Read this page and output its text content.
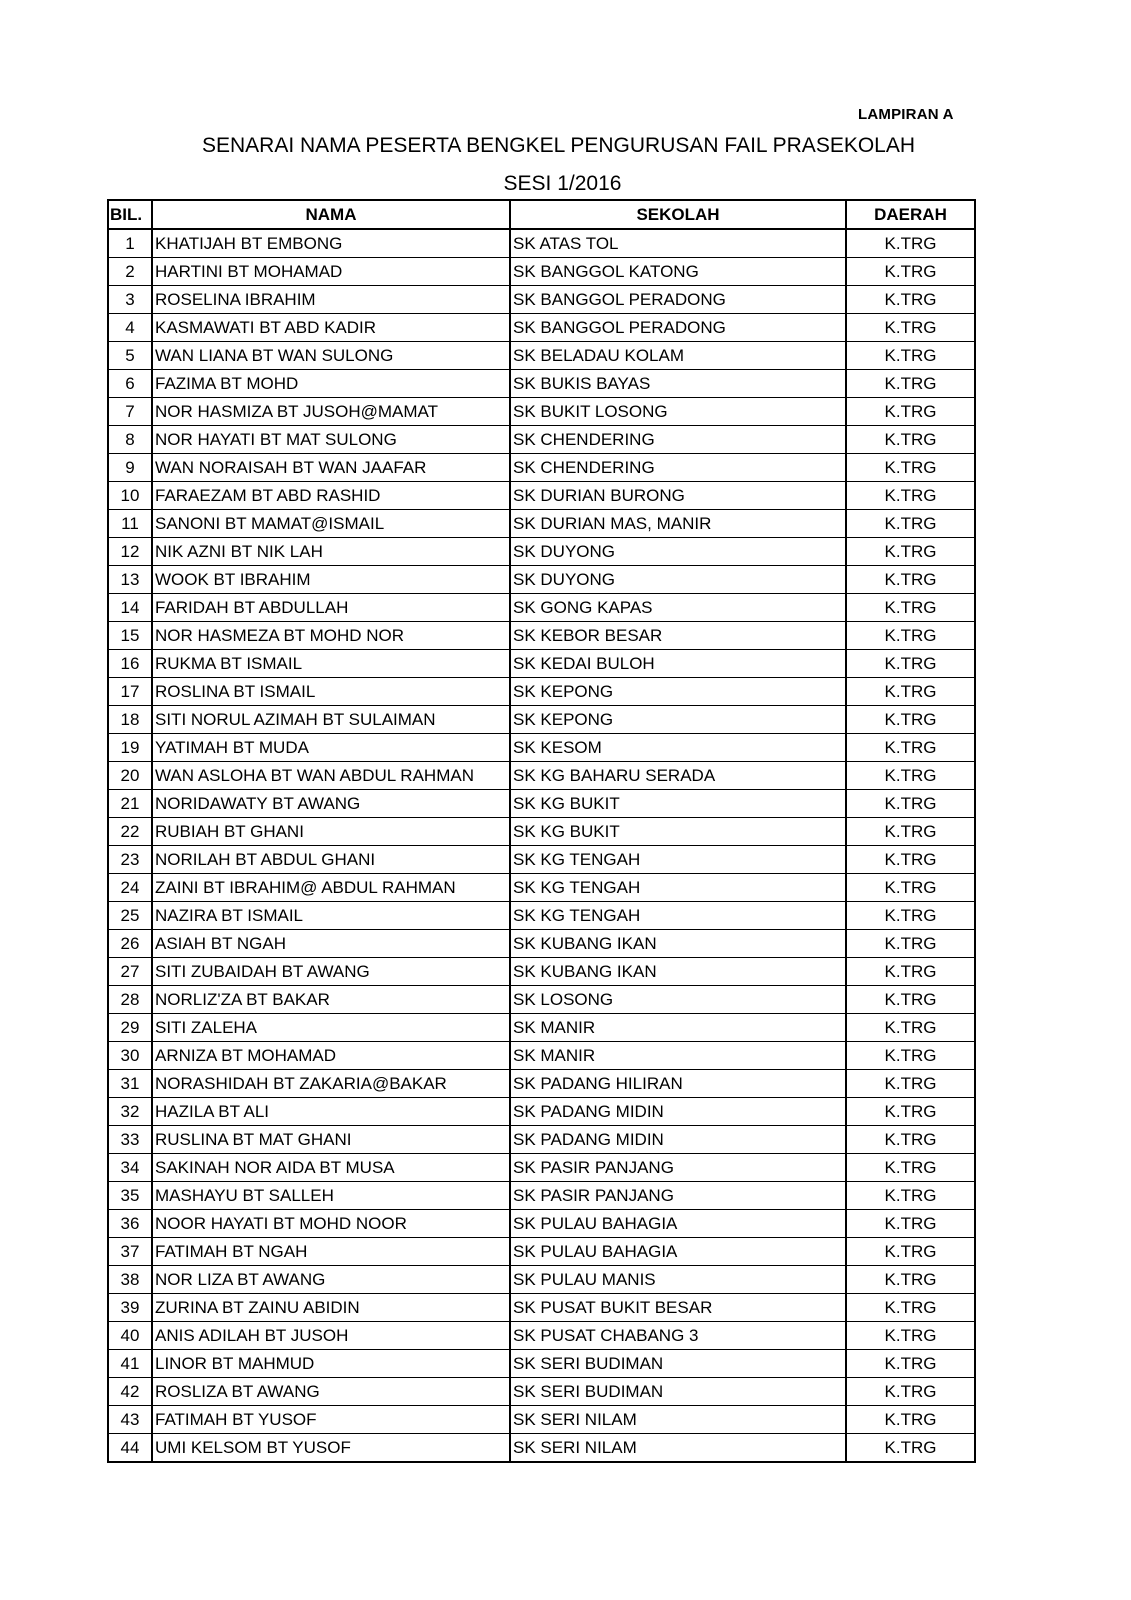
LAMPIRAN A
SENARAI NAMA PESERTA BENGKEL PENGURUSAN FAIL PRASEKOLAH
SESI 1/2016
BIL.	NAMA	SEKOLAH	DAERAH
1	KHATIJAH BT EMBONG	SK ATAS TOL	K.TRG
2	HARTINI BT MOHAMAD	SK BANGGOL KATONG	K.TRG
3	ROSELINA IBRAHIM	SK BANGGOL PERADONG	K.TRG
4	KASMAWATI BT ABD KADIR	SK BANGGOL PERADONG	K.TRG
5	WAN LIANA BT WAN SULONG	SK BELADAU KOLAM	K.TRG
6	FAZIMA BT MOHD	SK BUKIS BAYAS	K.TRG
7	NOR HASMIZA BT JUSOH@MAMAT	SK BUKIT LOSONG	K.TRG
8	NOR HAYATI BT MAT SULONG	SK CHENDERING	K.TRG
9	WAN NORAISAH BT WAN JAAFAR	SK CHENDERING	K.TRG
10	FARAEZAM BT ABD RASHID	SK DURIAN BURONG	K.TRG
11	SANONI BT MAMAT@ISMAIL	SK DURIAN MAS, MANIR	K.TRG
12	NIK AZNI BT NIK LAH	SK DUYONG	K.TRG
13	WOOK BT IBRAHIM	SK DUYONG	K.TRG
14	FARIDAH BT ABDULLAH	SK GONG KAPAS	K.TRG
15	NOR HASMEZA BT MOHD NOR	SK KEBOR BESAR	K.TRG
16	RUKMA BT ISMAIL	SK KEDAI BULOH	K.TRG
17	ROSLINA BT ISMAIL	SK KEPONG	K.TRG
18	SITI NORUL AZIMAH BT SULAIMAN	SK KEPONG	K.TRG
19	YATIMAH BT MUDA	SK KESOM	K.TRG
20	WAN ASLOHA BT WAN ABDUL RAHMAN	SK KG BAHARU SERADA	K.TRG
21	NORIDAWATY BT AWANG	SK KG BUKIT	K.TRG
22	RUBIAH BT GHANI	SK KG BUKIT	K.TRG
23	NORILAH BT ABDUL GHANI	SK KG TENGAH	K.TRG
24	ZAINI BT IBRAHIM@ ABDUL RAHMAN	SK KG TENGAH	K.TRG
25	NAZIRA BT ISMAIL	SK KG TENGAH	K.TRG
26	ASIAH BT NGAH	SK KUBANG IKAN	K.TRG
27	SITI ZUBAIDAH BT AWANG	SK KUBANG IKAN	K.TRG
28	NORLIZ'ZA BT BAKAR	SK LOSONG	K.TRG
29	SITI ZALEHA	SK MANIR	K.TRG
30	ARNIZA BT MOHAMAD	SK MANIR	K.TRG
31	NORASHIDAH BT ZAKARIA@BAKAR	SK PADANG HILIRAN	K.TRG
32	HAZILA BT ALI	SK PADANG MIDIN	K.TRG
33	RUSLINA BT MAT GHANI	SK PADANG MIDIN	K.TRG
34	SAKINAH NOR AIDA BT MUSA	SK PASIR PANJANG	K.TRG
35	MASHAYU BT SALLEH	SK PASIR PANJANG	K.TRG
36	NOOR HAYATI BT MOHD NOOR	SK PULAU BAHAGIA	K.TRG
37	FATIMAH BT NGAH	SK PULAU BAHAGIA	K.TRG
38	NOR LIZA BT AWANG	SK PULAU MANIS	K.TRG
39	ZURINA BT ZAINU ABIDIN	SK PUSAT BUKIT BESAR	K.TRG
40	ANIS ADILAH BT JUSOH	SK PUSAT CHABANG 3	K.TRG
41	LINOR BT MAHMUD	SK SERI BUDIMAN	K.TRG
42	ROSLIZA BT AWANG	SK SERI BUDIMAN	K.TRG
43	FATIMAH BT YUSOF	SK SERI NILAM	K.TRG
44	UMI KELSOM BT YUSOF	SK SERI NILAM	K.TRG
